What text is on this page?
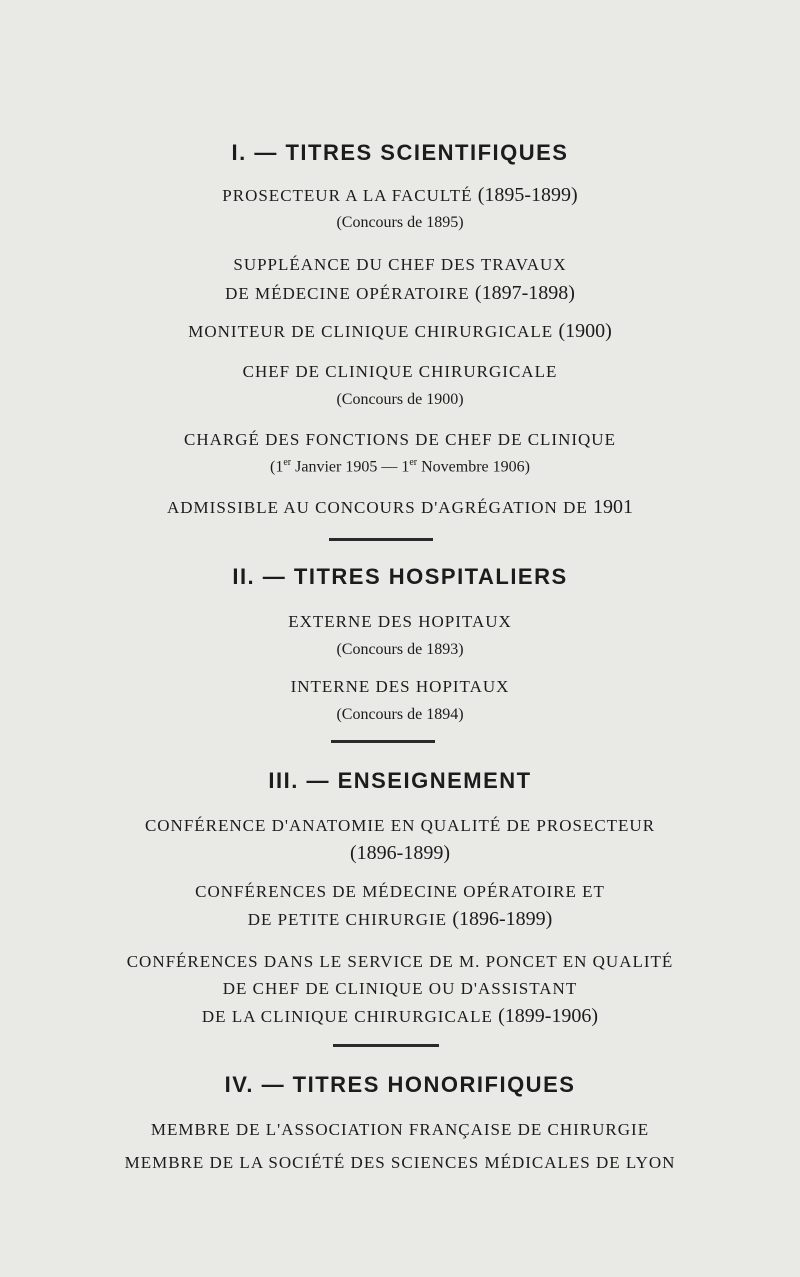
I. — TITRES SCIENTIFIQUES
PROSECTEUR A LA FACULTÉ (1895-1899)
(Concours de 1895)
SUPPLÉANCE DU CHEF DES TRAVAUX
DE MÉDECINE OPÉRATOIRE (1897-1898)
MONITEUR DE CLINIQUE CHIRURGICALE (1900)
CHEF DE CLINIQUE CHIRURGICALE
(Concours de 1900)
CHARGÉ DES FONCTIONS DE CHEF DE CLINIQUE
(1er Janvier 1905 — 1er Novembre 1906)
ADMISSIBLE AU CONCOURS D'AGRÉGATION DE 1901
II. — TITRES HOSPITALIERS
EXTERNE DES HOPITAUX
(Concours de 1893)
INTERNE DES HOPITAUX
(Concours de 1894)
III. — ENSEIGNEMENT
CONFÉRENCE D'ANATOMIE EN QUALITÉ DE PROSECTEUR
(1896-1899)
CONFÉRENCES DE MÉDECINE OPÉRATOIRE ET
DE PETITE CHIRURGIE (1896-1899)
CONFÉRENCES DANS LE SERVICE DE M. PONCET EN QUALITÉ
DE CHEF DE CLINIQUE OU D'ASSISTANT
DE LA CLINIQUE CHIRURGICALE (1899-1906)
IV. — TITRES HONORIFIQUES
MEMBRE DE L'ASSOCIATION FRANÇAISE DE CHIRURGIE
MEMBRE DE LA SOCIÉTÉ DES SCIENCES MÉDICALES DE LYON
